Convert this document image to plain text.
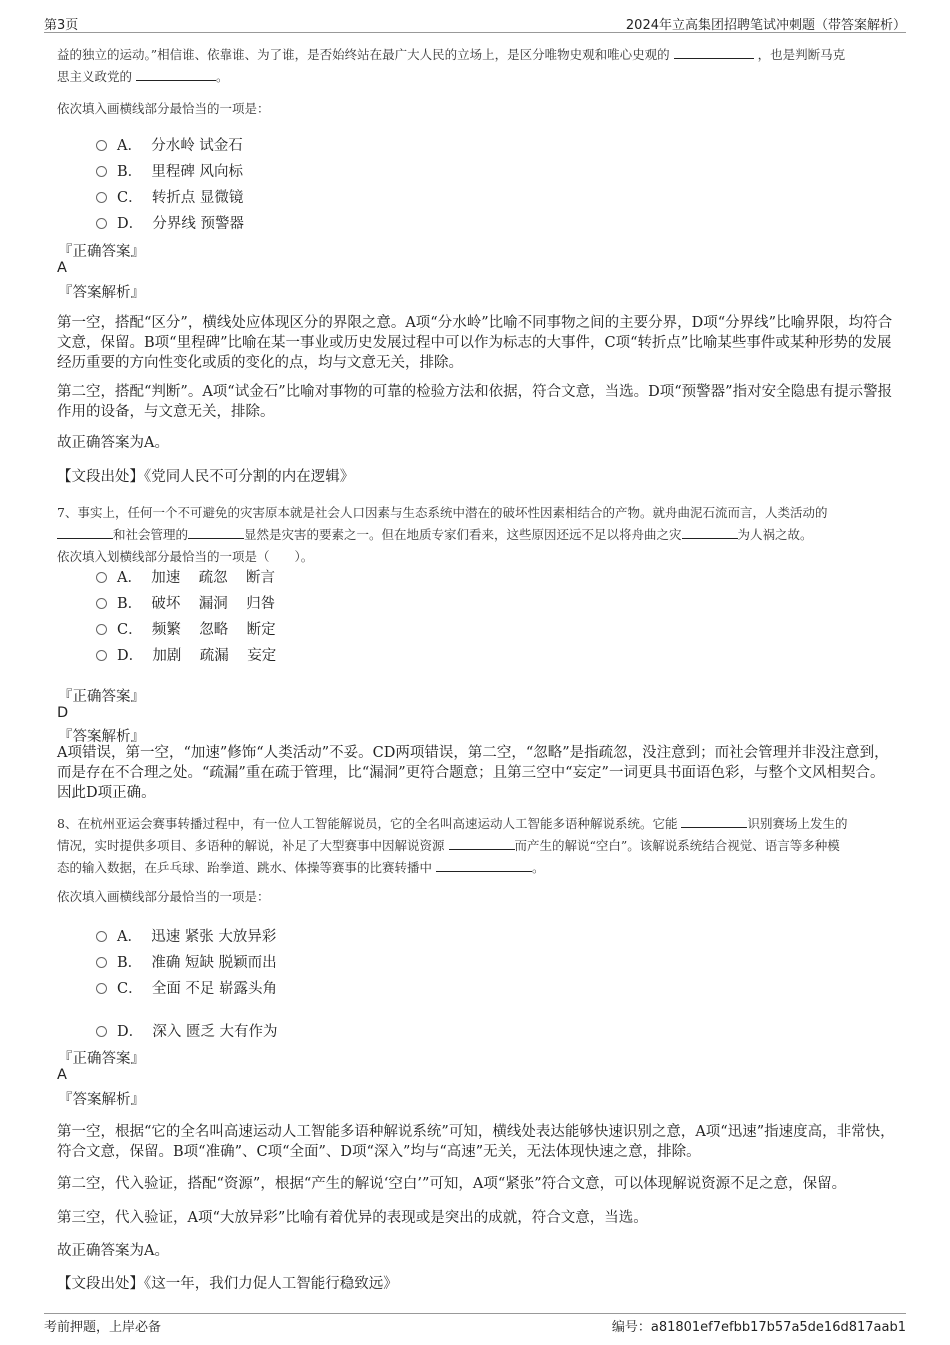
第3页	2024年立高集团招聘笔试冲刺题（带答案解析）
益的独立的运动。”相信谁、依靠谁、为了谁，是否始终站在最广大人民的立场上，是区分唯物史观和唯心史观的	，也是判断马克
思主义政党的	。
依次填入画横线部分最恰当的一项是：
A．  分水岭 试金石
B．  里程碑 风向标
C．  转折点 显微镜
D．  分界线 预警器
『正确答案』
A
『答案解析』
第一空，搭配“区分”，横线处应体现区分的界限之意。A项“分水岭”比喻不同事物之间的主要分界，D项“分界线”比喻界限，均符合文意，保留。B项“里程碑”比喻在某一事业或历史发展过程中可以作为标志的大事件，C项“转折点”比喻某些事件或某种形势的发展经历重要的方向性变化或质的变化的点，均与文意无关，排除。
第二空，搭配“判断”。A项“试金石”比喻对事物的可靠的检验方法和依据，符合文意，当选。D项“预警器”指对安全隐患有提示警报作用的设备，与文意无关，排除。
故正确答案为A。
【文段出处】《党同人民不可分割的内在逻辑》
7、事实上，任何一个不可避免的灾害原本就是社会人口因素与生态系统中潜在的破坏性因素相结合的产物。就舟曲泥石流而言，人类活动的
和社会管理的	显然是灾害的要素之一。但在地质专家们看来，这些原因还远不足以将舟曲之灾	为人祸之故。
依次填入划横线部分最恰当的一项是（　　）。
A．  加速    疏忽    断言
B．  破坏    漏洞    归咎
C．  频繁    忽略    断定
D．  加剧    疏漏    妄定
『正确答案』
D
『答案解析』
A项错误，第一空，“加速”修饰“人类活动”不妥。CD两项错误，第二空，“忽略”是指疏忽，没注意到；而社会管理并非没注意到，而是存在不合理之处。“疏漏”重在疏于管理，比“漏洞”更符合题意；且第三空中“妄定”一词更具书面语色彩，与整个文风相契合。因此D项正确。
8、在杭州亚运会赛事转播过程中，有一位人工智能解说员，它的全名叫高速运动人工智能多语种解说系统。它能	识别赛场上发生的
情况，实时提供多项目、多语种的解说，补足了大型赛事中因解说资源	而产生的解说“空白”。该解说系统结合视觉、语言等多种模
态的输入数据，在乒乓球、跆拳道、跳水、体操等赛事的比赛转播中	。
依次填入画横线部分最恰当的一项是：
A．  迅速 紧张 大放异彩
B．  准确 短缺 脱颖而出
C．  全面 不足 崭露头角
D．  深入 匮乏 大有作为
『正确答案』
A
『答案解析』
第一空，根据“它的全名叫高速运动人工智能多语种解说系统”可知，横线处表达能够快速识别之意，A项“迅速”指速度高，非常快，符合文意，保留。B项“准确”、C项“全面”、D项“深入”均与“高速”无关，无法体现快速之意，排除。
第二空，代入验证，搭配“资源”，根据“产生的解说‘空白’”可知，A项“紧张”符合文意，可以体现解说资源不足之意，保留。
第三空，代入验证，A项“大放异彩”比喻有着优异的表现或是突出的成就，符合文意，当选。
故正确答案为A。
【文段出处】《这一年，我们力促人工智能行稳致远》
考前押题，上岸必备	编号：a81801ef7efbb17b57a5de16d817aab1
